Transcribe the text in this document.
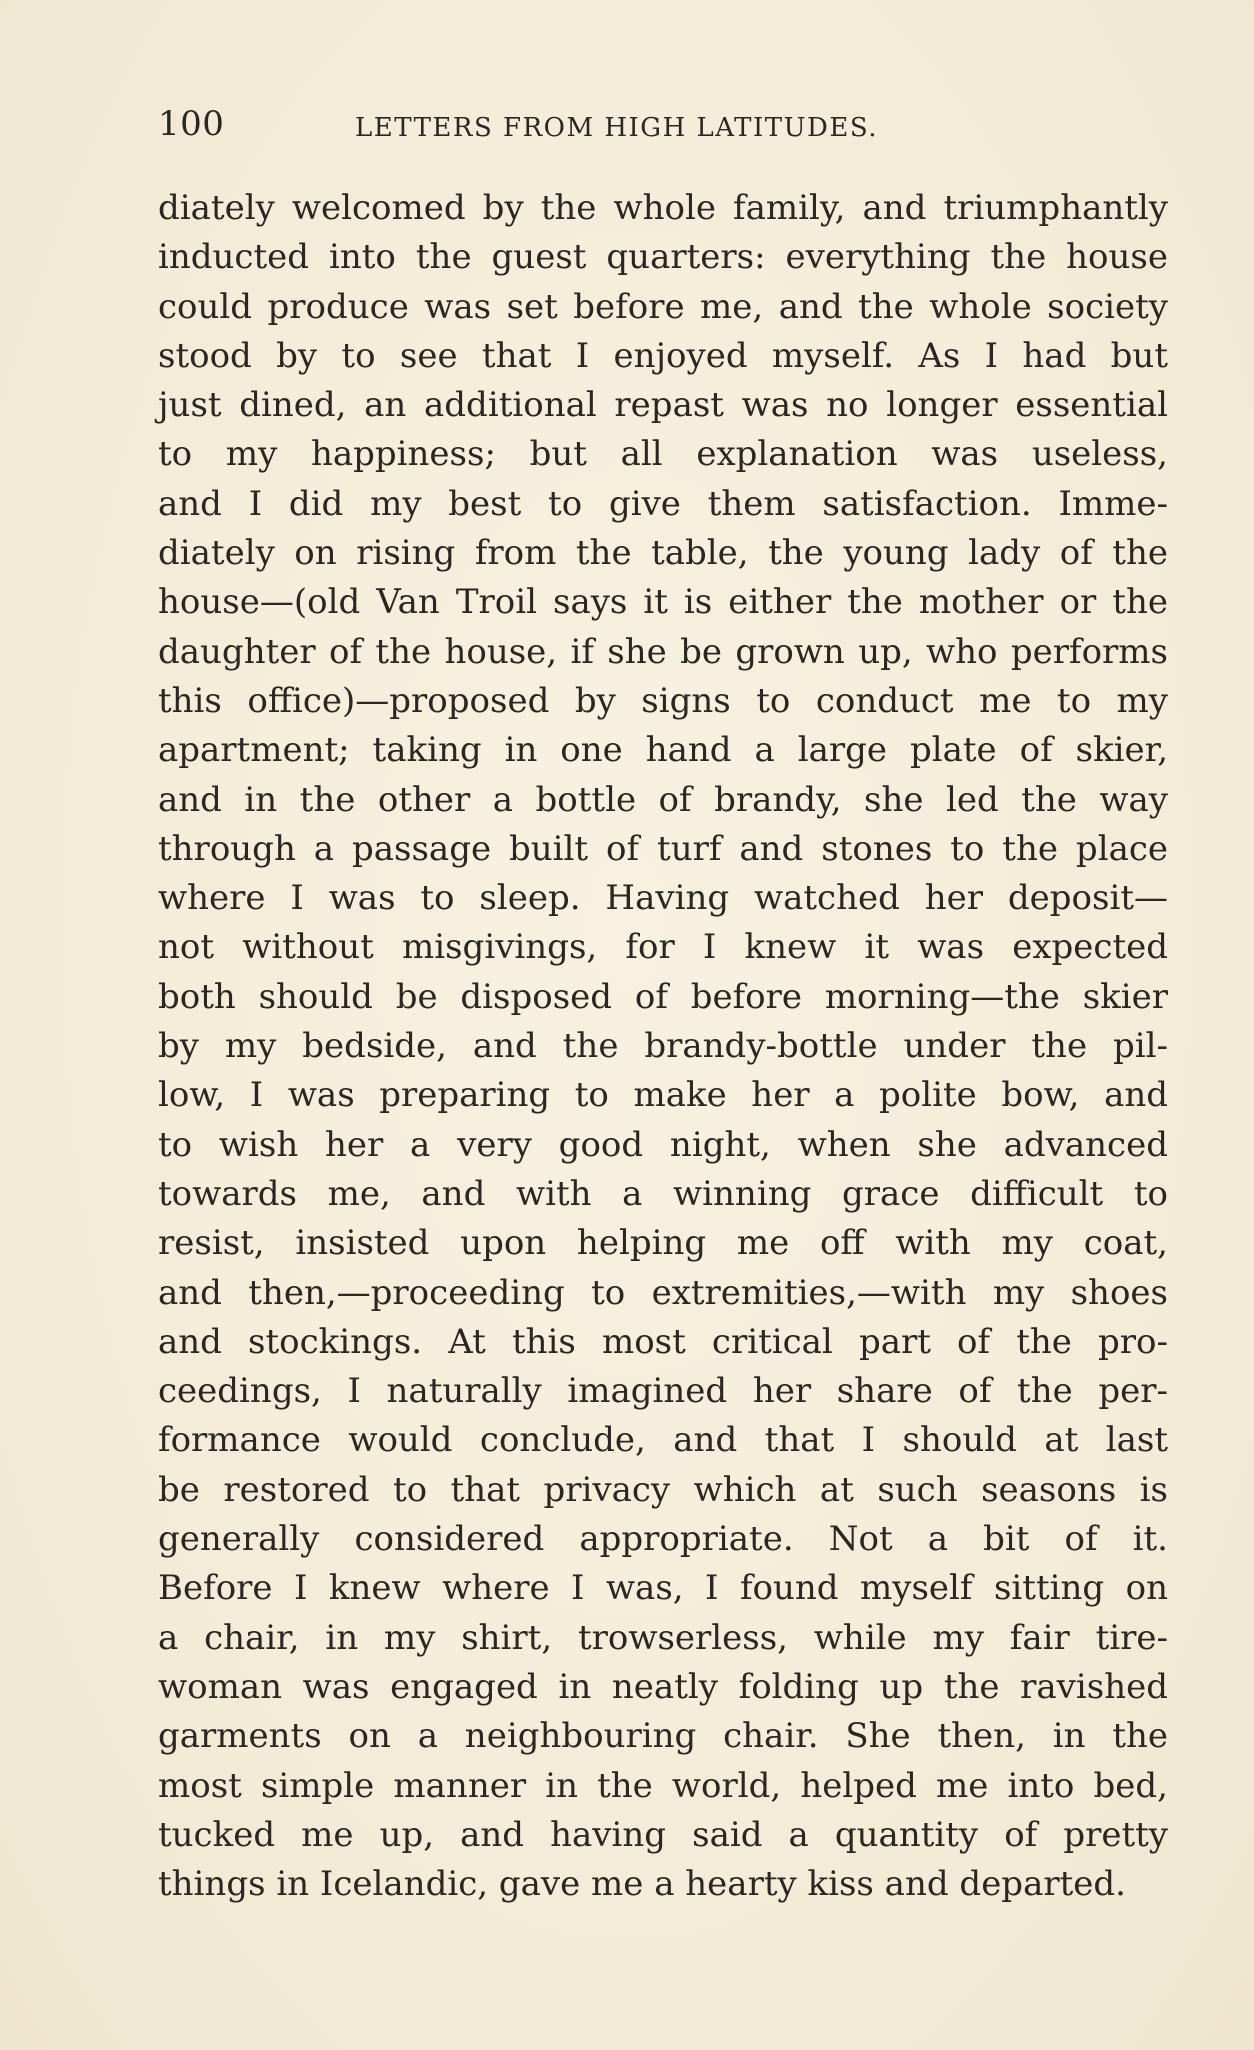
100	LETTERS FROM HIGH LATITUDES.
diately welcomed by the whole family, and triumphantly
inducted into the guest quarters: everything the house
could produce was set before me, and the whole society
stood by to see that I enjoyed myself. As I had but
just dined, an additional repast was no longer essential
to my happiness; but all explanation was useless,
and I did my best to give them satisfaction. Imme-
diately on rising from the table, the young lady of the
house—(old Van Troil says it is either the mother or the
daughter of the house, if she be grown up, who performs
this office)—proposed by signs to conduct me to my
apartment; taking in one hand a large plate of skier,
and in the other a bottle of brandy, she led the way
through a passage built of turf and stones to the place
where I was to sleep. Having watched her deposit—
not without misgivings, for I knew it was expected
both should be disposed of before morning—the skier
by my bedside, and the brandy-bottle under the pil-
low, I was preparing to make her a polite bow, and
to wish her a very good night, when she advanced
towards me, and with a winning grace difficult to
resist, insisted upon helping me off with my coat,
and then,—proceeding to extremities,—with my shoes
and stockings. At this most critical part of the pro-
ceedings, I naturally imagined her share of the per-
formance would conclude, and that I should at last
be restored to that privacy which at such seasons is
generally considered appropriate. Not a bit of it.
Before I knew where I was, I found myself sitting on
a chair, in my shirt, trowserless, while my fair tire-
woman was engaged in neatly folding up the ravished
garments on a neighbouring chair. She then, in the
most simple manner in the world, helped me into bed,
tucked me up, and having said a quantity of pretty
things in Icelandic, gave me a hearty kiss and departed.
